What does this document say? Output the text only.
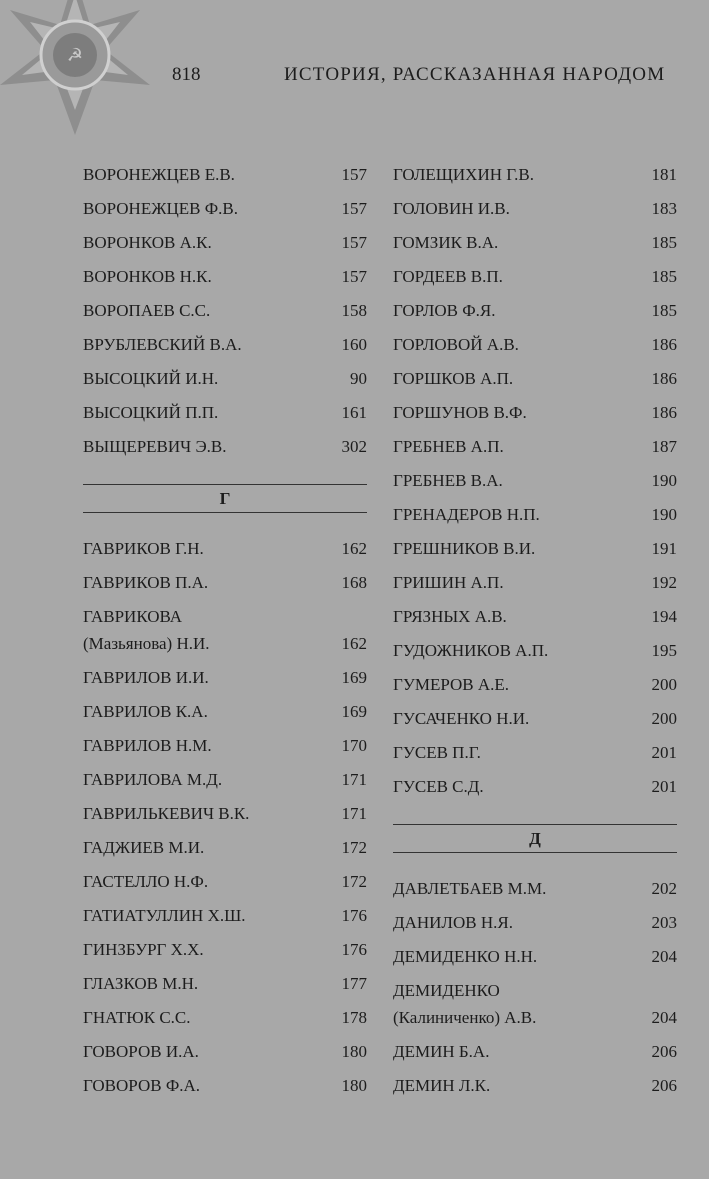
☭
818	ИСТОРИЯ, РАССКАЗАННАЯ НАРОДОМ
ВОРОНЕЖЦЕВ Е.В.	157
ВОРОНЕЖЦЕВ Ф.В.	157
ВОРОНКОВ А.К.	157
ВОРОНКОВ Н.К.	157
ВОРОПАЕВ С.С.	158
ВРУБЛЕВСКИЙ В.А.	160
ВЫСОЦКИЙ И.Н.	90
ВЫСОЦКИЙ П.П.	161
ВЫЩЕРЕВИЧ Э.В.	302
Г
ГАВРИКОВ Г.Н.	162
ГАВРИКОВ П.А.	168
ГАВРИКОВА
(Мазьянова) Н.И.	162
ГАВРИЛОВ И.И.	169
ГАВРИЛОВ К.А.	169
ГАВРИЛОВ Н.М.	170
ГАВРИЛОВА М.Д.	171
ГАВРИЛЬКЕВИЧ В.К.	171
ГАДЖИЕВ М.И.	172
ГАСТЕЛЛО Н.Ф.	172
ГАТИАТУЛЛИН Х.Ш.	176
ГИНЗБУРГ Х.Х.	176
ГЛАЗКОВ М.Н.	177
ГНАТЮК С.С.	178
ГОВОРОВ И.А.	180
ГОВОРОВ Ф.А.	180
ГОЛЕЩИХИН Г.В.	181
ГОЛОВИН И.В.	183
ГОМЗИК В.А.	185
ГОРДЕЕВ В.П.	185
ГОРЛОВ Ф.Я.	185
ГОРЛОВОЙ А.В.	186
ГОРШКОВ А.П.	186
ГОРШУНОВ В.Ф.	186
ГРЕБНЕВ А.П.	187
ГРЕБНЕВ В.А.	190
ГРЕНАДЕРОВ Н.П.	190
ГРЕШНИКОВ В.И.	191
ГРИШИН А.П.	192
ГРЯЗНЫХ А.В.	194
ГУДОЖНИКОВ А.П.	195
ГУМЕРОВ А.Е.	200
ГУСАЧЕНКО Н.И.	200
ГУСЕВ П.Г.	201
ГУСЕВ С.Д.	201
Д
ДАВЛЕТБАЕВ М.М.	202
ДАНИЛОВ Н.Я.	203
ДЕМИДЕНКО Н.Н.	204
ДЕМИДЕНКО
(Калиниченко) А.В.	204
ДЕМИН Б.А.	206
ДЕМИН Л.К.	206
